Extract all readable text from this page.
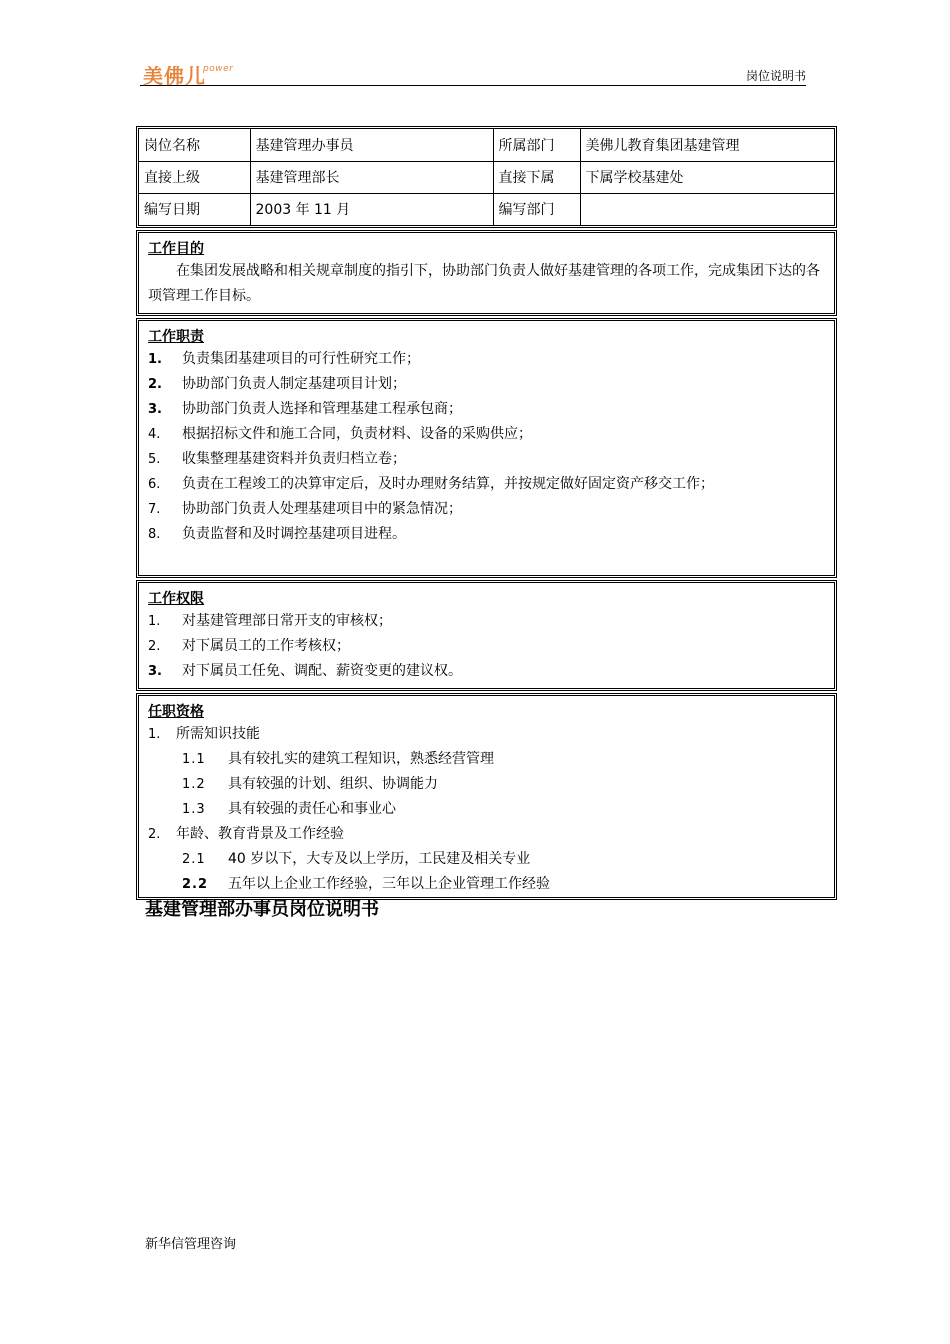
美佛儿
power	岗位说明书
岗位名称	基建管理办事员	所属部门	美佛儿教育集团基建管理
直接上级	基建管理部长	直接下属	下属学校基建处
编写日期	2003 年 11 月	编写部门	
工作目的
在集团发展战略和相关规章制度的指引下，协助部门负责人做好基建管理的各项工作，完成集团下达的各项管理工作目标。
工作职责
1.	负责集团基建项目的可行性研究工作；
2.	协助部门负责人制定基建项目计划；
3.	协助部门负责人选择和管理基建工程承包商；
4.	根据招标文件和施工合同，负责材料、设备的采购供应；
5.	收集整理基建资料并负责归档立卷；
6.	负责在工程竣工的决算审定后，及时办理财务结算，并按规定做好固定资产移交工作；
7.	协助部门负责人处理基建项目中的紧急情况；
8.	负责监督和及时调控基建项目进程。
工作权限
1.	对基建管理部日常开支的审核权；
2.	对下属员工的工作考核权；
3.	对下属员工任免、调配、薪资变更的建议权。
任职资格
1.	所需知识技能
1.1	具有较扎实的建筑工程知识，熟悉经营管理
1.2	具有较强的计划、组织、协调能力
1.3	具有较强的责任心和事业心
2.	年龄、教育背景及工作经验
2.1	40 岁以下，大专及以上学历，工民建及相关专业
2.2	五年以上企业工作经验，三年以上企业管理工作经验
基建管理部办事员岗位说明书
新华信管理咨询
